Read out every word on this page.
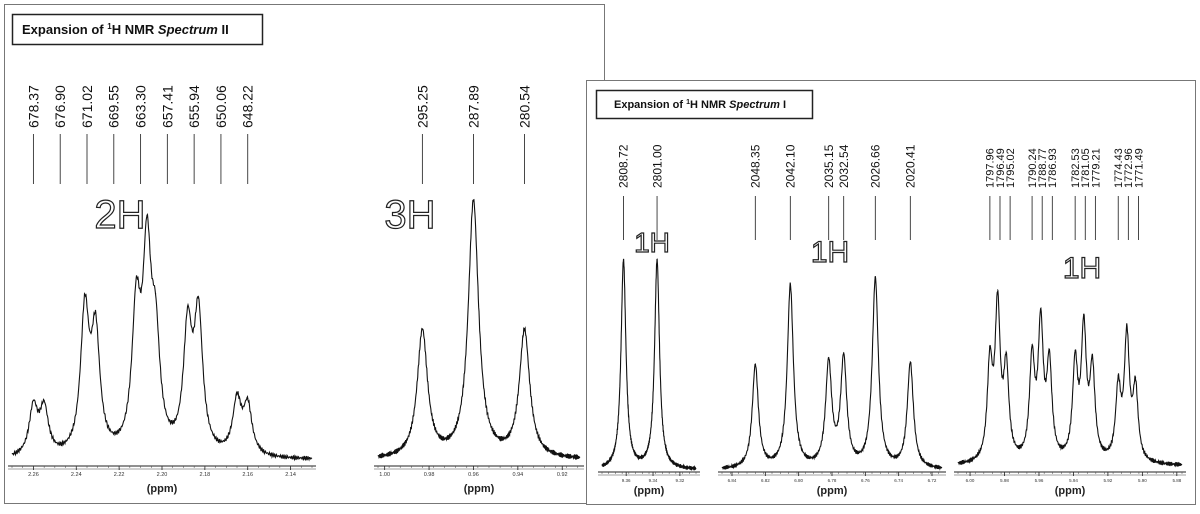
Expansion of $^1$H NMR Spectrum II
Expansion of $^1$H NMR Spectrum I
2.26	2.24	2.22	2.20	2.18	2.16	2.14
(ppm)
678.37 676.90 671.02 669.55 663.30 657.41 655.94 650.06 648.22
2H
1.00	0.98	0.96	0.94	0.92
(ppm)
295.25	287.89	280.54
3H
9.36	9.34	9.32
(ppm)
2808.72 2801.00
1H
6.84	6.82	6.80	6.78	6.76	6.74	6.72
(ppm)
2048.35 2042.10 2035.15 2032.54 2026.66 2020.41
1H
6.00	5.98	5.96	5.94	5.92	5.90	5.88
(ppm)
1797.96
1796.49
1795.02 1790.24
1788.77
1786.93 1782.53
1781.05
1779.21 1774.43
1772.96
1771.49
1H
